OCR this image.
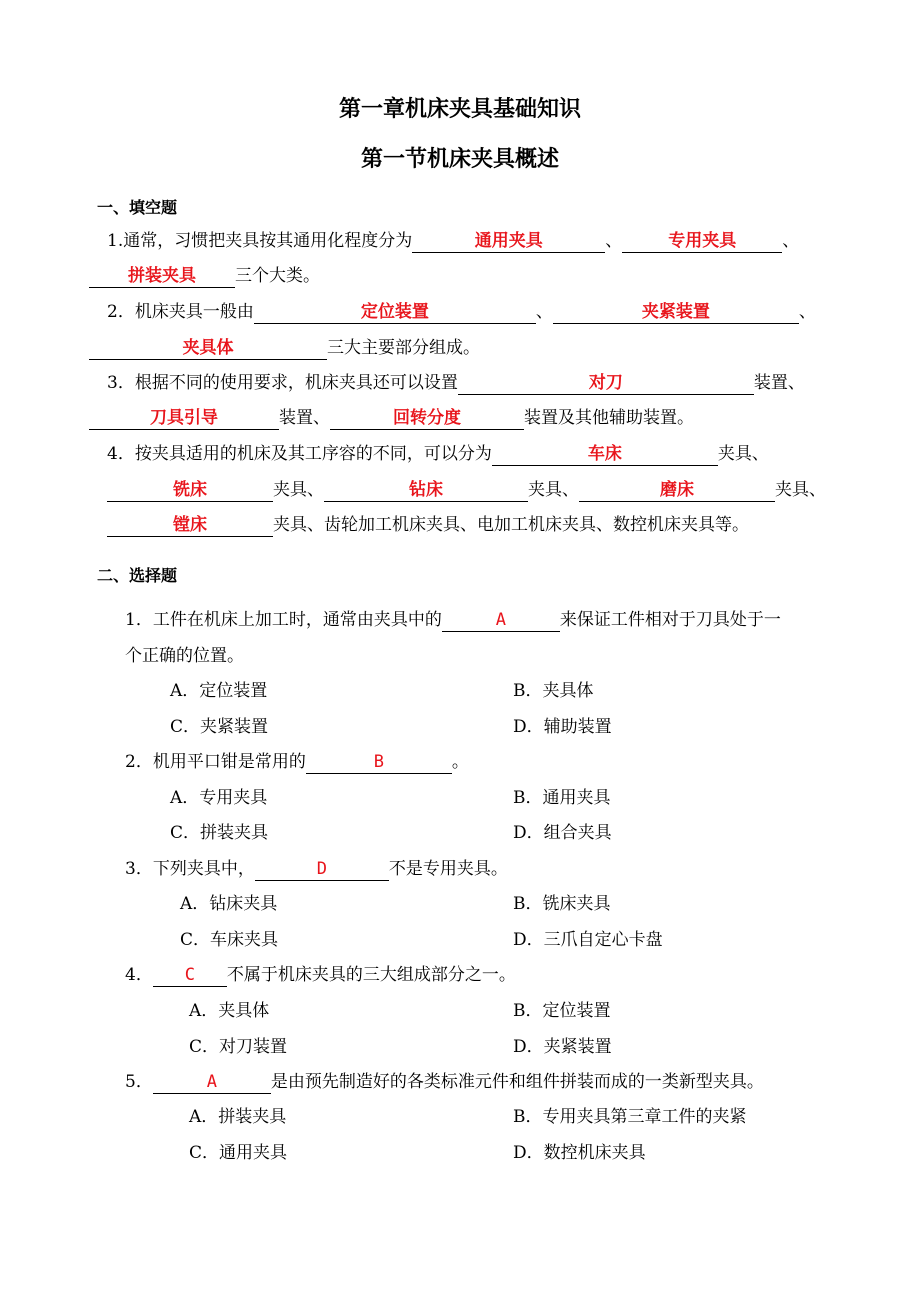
第一章机床夹具基础知识
第一节机床夹具概述
一、填空题
1.通常，习惯把夹具按其通用化程度分为	通用夹具	、	专用夹具	、
拼装夹具 三个大类。
2．机床夹具一般由	定位装置	、	夹紧装置	、
夹具体	三大主要部分组成。
3．根据不同的使用要求，机床夹具还可以设置	对刀	装置、
刀具引导	装置、	回转分度	装置及其他辅助装置。
4．按夹具适用的机床及其工序容的不同，可以分为	车床	夹具、
铣床	夹具、	钻床	夹具、	磨床	夹具、
镗床	夹具、齿轮加工机床夹具、电加工机床夹具、数控机床夹具等。
二、选择题
1．工件在机床上加工时，通常由夹具中的	A	来保证工件相对于刀具处于一
个正确的位置。
A．定位装置	B．夹具体
C．夹紧装置	D．辅助装置
2．机用平口钳是常用的	B	。
A．专用夹具	B．通用夹具
C．拼装夹具	D．组合夹具
3．下列夹具中，	D	不是专用夹具。
A．钻床夹具	B．铣床夹具
C．车床夹具	D．三爪自定心卡盘
4． C 不属于机床夹具的三大组成部分之一。
A．夹具体	B．定位装置
C．对刀装置	D．夹紧装置
5．	A	是由预先制造好的各类标准元件和组件拼装而成的一类新型夹具。
A．拼装夹具	B．专用夹具第三章工件的夹紧
C．通用夹具	D．数控机床夹具
